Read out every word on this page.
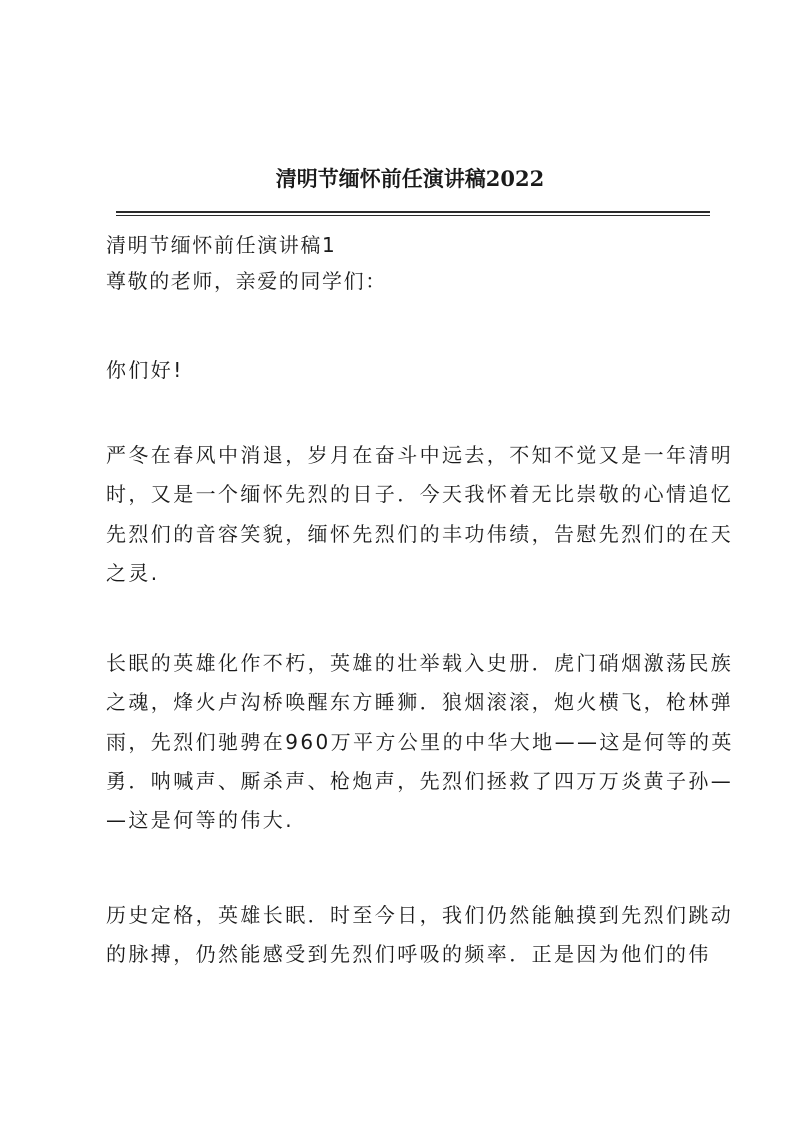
清明节缅怀前任演讲稿2022
清明节缅怀前任演讲稿1
尊敬的老师，亲爱的同学们：
你们好!
严冬在春风中消退，岁月在奋斗中远去，不知不觉又是一年清明
时，又是一个缅怀先烈的日子．今天我怀着无比崇敬的心情追忆
先烈们的音容笑貌，缅怀先烈们的丰功伟绩，告慰先烈们的在天
之灵.
长眠的英雄化作不朽，英雄的壮举载入史册．虎门硝烟激荡民族
之魂，烽火卢沟桥唤醒东方睡狮．狼烟滚滚，炮火横飞，枪林弹
雨，先烈们驰骋在960万平方公里的中华大地——这是何等的英
勇．呐喊声、厮杀声、枪炮声，先烈们拯救了四万万炎黄子孙—
—这是何等的伟大.
历史定格，英雄长眠．时至今日，我们仍然能触摸到先烈们跳动
的脉搏，仍然能感受到先烈们呼吸的频率．正是因为他们的伟
